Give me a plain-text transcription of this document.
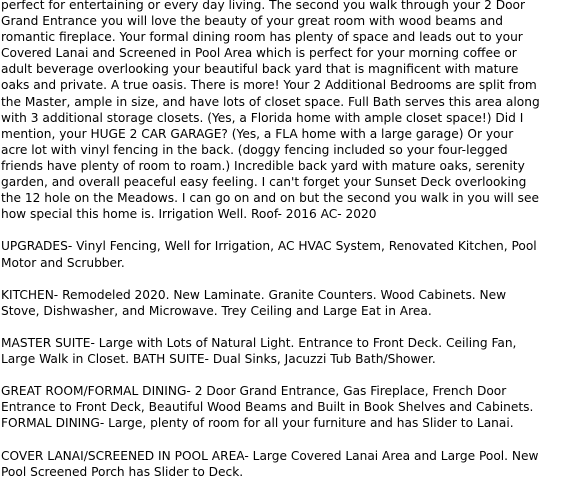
perfect for entertaining or every day living. The second you walk through your 2 Door
Grand Entrance you will love the beauty of your great room with wood beams and
romantic fireplace. Your formal dining room has plenty of space and leads out to your
Covered Lanai and Screened in Pool Area which is perfect for your morning coffee or
adult beverage overlooking your beautiful back yard that is magnificent with mature
oaks and private. A true oasis. There is more! Your 2 Additional Bedrooms are split from
the Master, ample in size, and have lots of closet space. Full Bath serves this area along
with 3 additional storage closets. (Yes, a Florida home with ample closet space!) Did I
mention, your HUGE 2 CAR GARAGE? (Yes, a FLA home with a large garage) Or your
acre lot with vinyl fencing in the back. (doggy fencing included so your four-legged
friends have plenty of room to roam.) Incredible back yard with mature oaks, serenity
garden, and overall peaceful easy feeling. I can't forget your Sunset Deck overlooking
the 12 hole on the Meadows. I can go on and on but the second you walk in you will see
how special this home is. Irrigation Well. Roof- 2016 AC- 2020
UPGRADES- Vinyl Fencing, Well for Irrigation, AC HVAC System, Renovated Kitchen, Pool
Motor and Scrubber.
KITCHEN- Remodeled 2020. New Laminate. Granite Counters. Wood Cabinets. New
Stove, Dishwasher, and Microwave. Trey Ceiling and Large Eat in Area.
MASTER SUITE- Large with Lots of Natural Light. Entrance to Front Deck. Ceiling Fan,
Large Walk in Closet. BATH SUITE- Dual Sinks, Jacuzzi Tub Bath/Shower.
GREAT ROOM/FORMAL DINING- 2 Door Grand Entrance, Gas Fireplace, French Door
Entrance to Front Deck, Beautiful Wood Beams and Built in Book Shelves and Cabinets.
FORMAL DINING- Large, plenty of room for all your furniture and has Slider to Lanai.
COVER LANAI/SCREENED IN POOL AREA- Large Covered Lanai Area and Large Pool. New
Pool Screened Porch has Slider to Deck.
